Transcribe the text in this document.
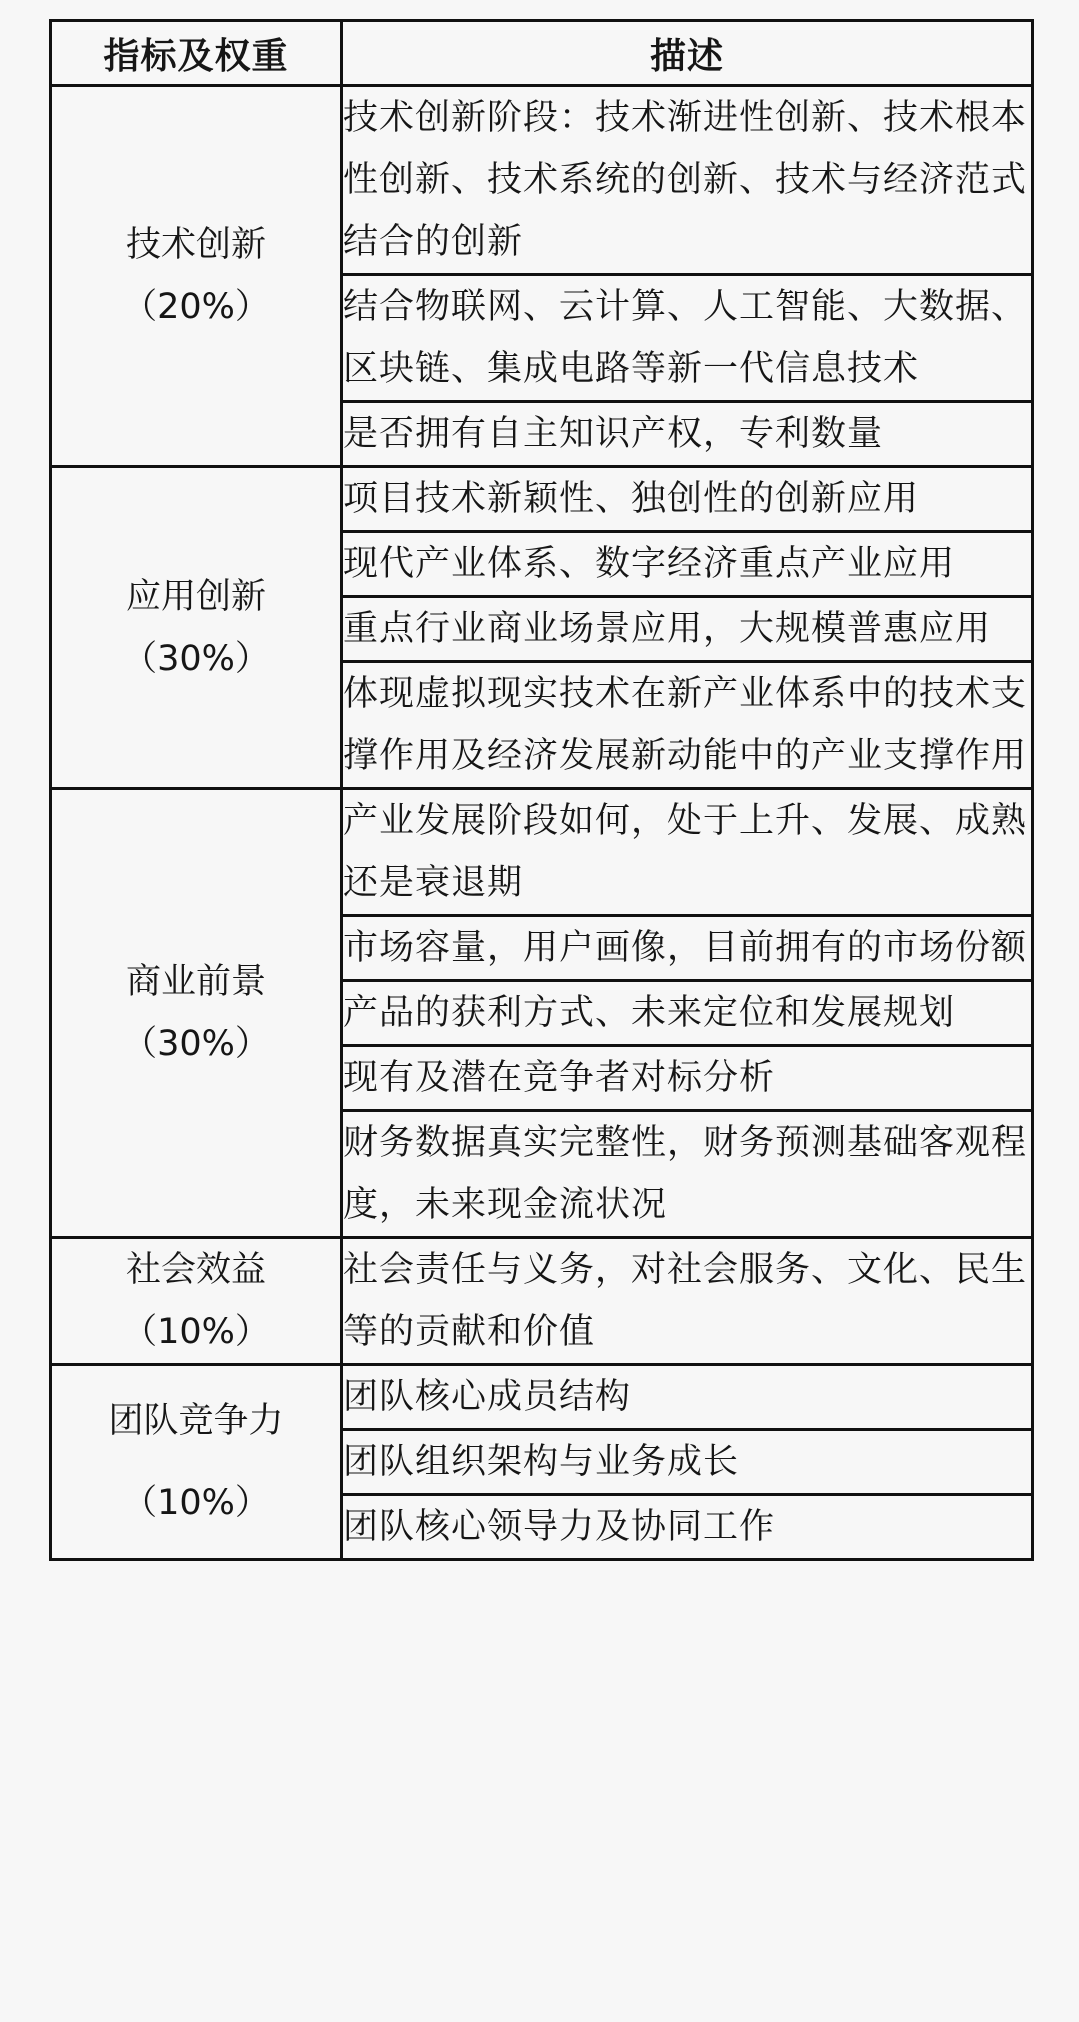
指标及权重	描述

技术创新
（20%）	技术创新阶段：技术渐进性创新、技术根本性创新、技术系统的创新、技术与经济范式结合的创新
	结合物联网、云计算、人工智能、大数据、区块链、集成电路等新一代信息技术
	是否拥有自主知识产权，专利数量

应用创新
（30%）	项目技术新颖性、独创性的创新应用
	现代产业体系、数字经济重点产业应用
	重点行业商业场景应用，大规模普惠应用
	体现虚拟现实技术在新产业体系中的技术支撑作用及经济发展新动能中的产业支撑作用

商业前景
（30%）	产业发展阶段如何，处于上升、发展、成熟还是衰退期
	市场容量，用户画像，目前拥有的市场份额
	产品的获利方式、未来定位和发展规划
	现有及潜在竞争者对标分析
	财务数据真实完整性，财务预测基础客观程度，未来现金流状况

社会效益
（10%）	社会责任与义务，对社会服务、文化、民生等的贡献和价值

团队竞争力
（10%）	团队核心成员结构
	团队组织架构与业务成长
	团队核心领导力及协同工作
